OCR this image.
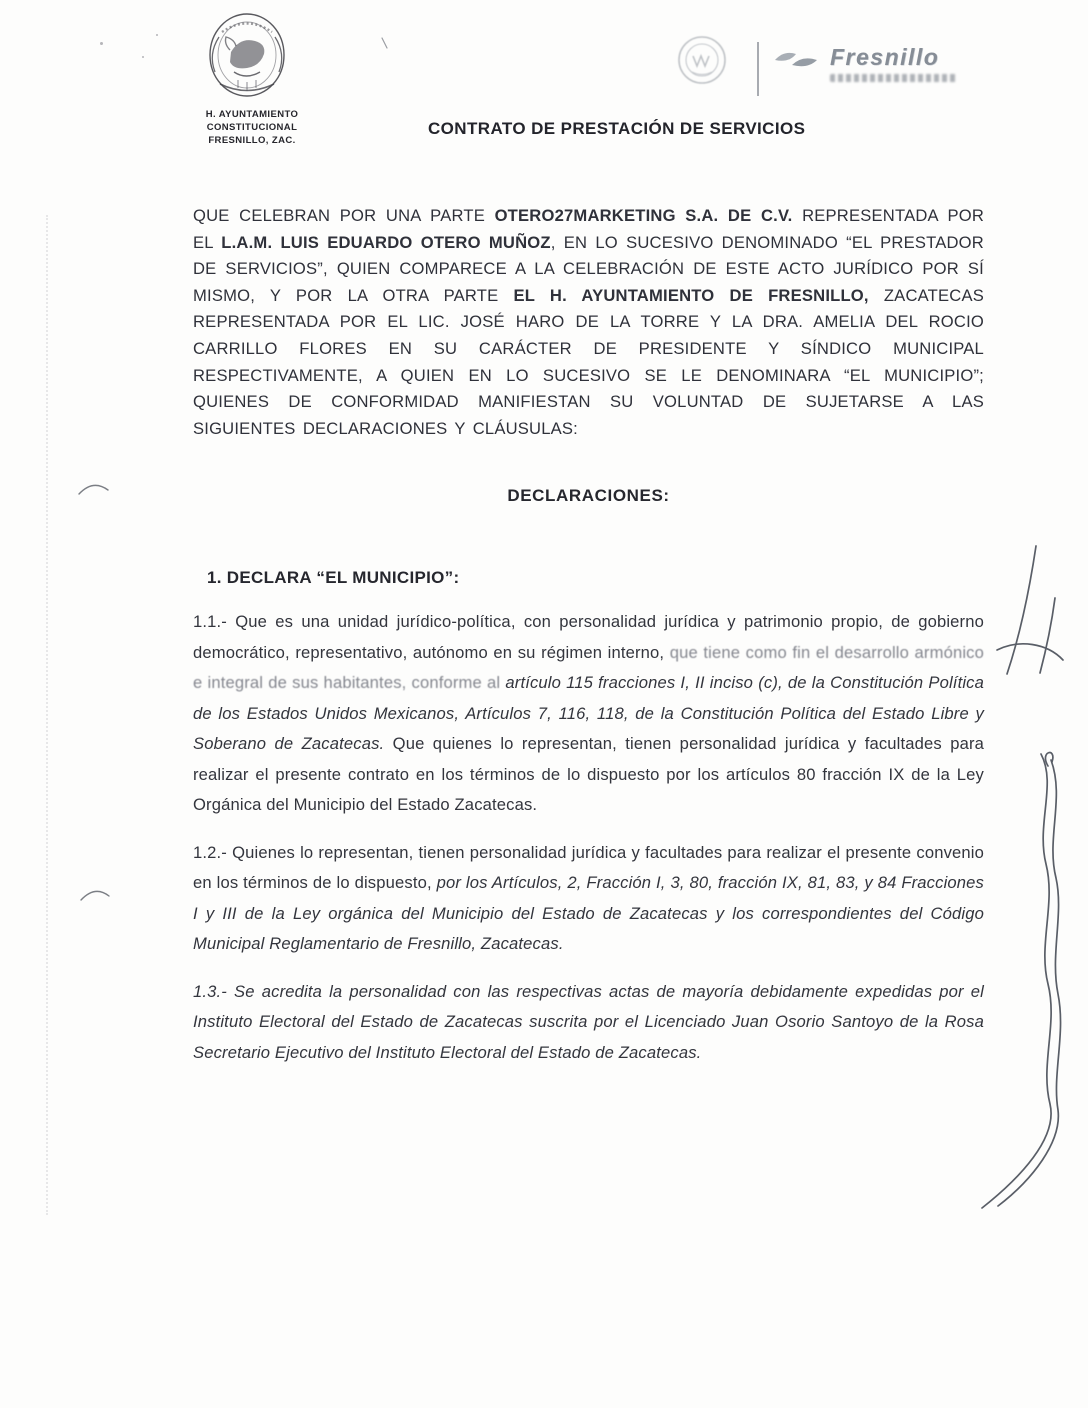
H. AYUNTAMIENTO
CONSTITUCIONAL
FRESNILLO, ZAC.
Fresnillo
CONTRATO DE PRESTACIÓN DE SERVICIOS

QUE CELEBRAN POR UNA PARTE OTERO27MARKETING S.A. DE C.V. REPRESENTADA POR EL L.A.M. LUIS EDUARDO OTERO MUÑOZ, EN LO SUCESIVO DENOMINADO “EL PRESTADOR DE SERVICIOS”, QUIEN COMPARECE A LA CELEBRACIÓN DE ESTE ACTO JURÍDICO POR SÍ MISMO, Y POR LA OTRA PARTE EL H. AYUNTAMIENTO DE FRESNILLO, ZACATECAS REPRESENTADA POR EL LIC. JOSÉ HARO DE LA TORRE Y LA DRA. AMELIA DEL ROCIO CARRILLO FLORES EN SU CARÁCTER DE PRESIDENTE Y SÍNDICO MUNICIPAL RESPECTIVAMENTE, A QUIEN EN LO SUCESIVO SE LE DENOMINARA “EL MUNICIPIO”; QUIENES DE CONFORMIDAD MANIFIESTAN SU VOLUNTAD DE SUJETARSE A LAS SIGUIENTES DECLARACIONES Y CLÁUSULAS:

DECLARACIONES:
1. DECLARA “EL MUNICIPIO”:

1.1.- Que es una unidad jurídico-política, con personalidad jurídica y patrimonio propio, de gobierno democrático, representativo, autónomo en su régimen interno, que tiene como fin el desarrollo armónico e integral de sus habitantes, conforme al artículo 115 fracciones I, II inciso (c), de la Constitución Política de los Estados Unidos Mexicanos, Artículos 7, 116, 118, de la Constitución Política del Estado Libre y Soberano de Zacatecas. Que quienes lo representan, tienen personalidad jurídica y facultades para realizar el presente contrato en los términos de lo dispuesto por los artículos 80 fracción IX de la Ley Orgánica del Municipio del Estado Zacatecas.

1.2.- Quienes lo representan, tienen personalidad jurídica y facultades para realizar el presente convenio en los términos de lo dispuesto, por los Artículos, 2, Fracción I, 3, 80, fracción IX, 81, 83, y 84 Fracciones I y III de la Ley orgánica del Municipio del Estado de Zacatecas y los correspondientes del Código Municipal Reglamentario de Fresnillo, Zacatecas.

1.3.- Se acredita la personalidad con las respectivas actas de mayoría debidamente expedidas por el Instituto Electoral del Estado de Zacatecas suscrita por el Licenciado Juan Osorio Santoyo de la Rosa Secretario Ejecutivo del Instituto Electoral del Estado de Zacatecas.
